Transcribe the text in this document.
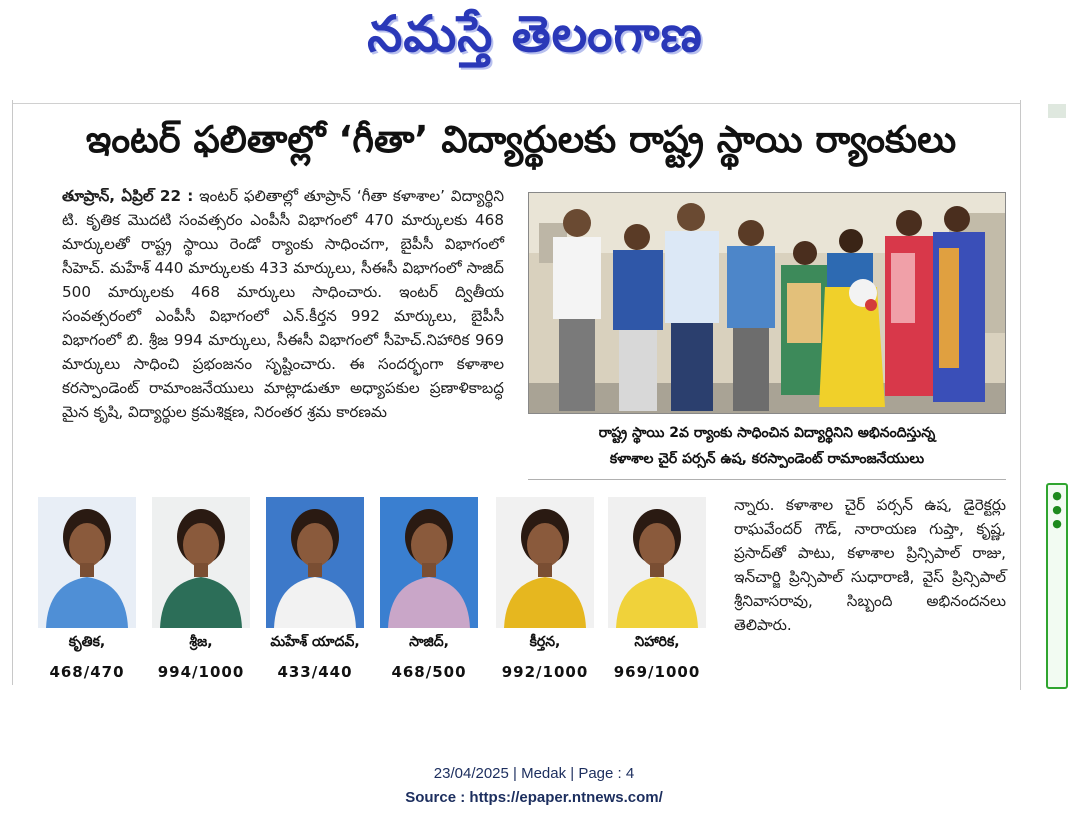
నమస్తే తెలంగాణ
●
●
●
ఇంటర్ ఫలితాల్లో ‘గీతా’ విద్యార్థులకు రాష్ట్ర స్థాయి ర్యాంకులు
తూప్రాన్, ఏప్రిల్ 22 : ఇంటర్ ఫలితాల్లో తూప్రాన్ ‘గీతా కళాశాల’ విద్యార్థిని టి. కృతిక మొదటి సంవత్సరం ఎంపీసీ విభాగంలో 470 మార్కులకు 468 మార్కులతో రాష్ట్ర స్థాయి రెండో ర్యాంకు సాధించగా, బైపీసీ విభాగంలో సీహెచ్. మహేశ్ 440 మార్కులకు 433 మార్కులు, సీఈసీ విభాగంలో సాజిద్ 500 మార్కులకు 468 మార్కులు సాధించారు. ఇంటర్ ద్వితీయ సంవత్సరంలో ఎంపీసీ విభాగంలో ఎన్.కీర్తన 992 మార్కులు, బైపీసీ విభాగంలో బి. శ్రీజ 994 మార్కులు, సీఈసీ విభాగంలో సీహెచ్.నిహారిక 969 మార్కులు సాధించి ప్రభంజనం సృష్టించారు. ఈ సందర్భంగా కళాశాల కరస్పాండెంట్ రామాంజనేయులు మాట్లాడుతూ అధ్యాపకుల ప్రణాళికాబద్ధ మైన కృషి, విద్యార్థుల క్రమశిక్షణ, నిరంతర శ్రమ కారణమ
రాష్ట్ర స్థాయి 2వ ర్యాంకు సాధించిన విద్యార్థినిని అభినందిస్తున్న
కళాశాల చైర్ పర్సన్ ఉష, కరస్పాండెంట్ రామాంజనేయులు
కృతిక,
468/470
శ్రీజ,
994/1000
మహేశ్ యాదవ్,
433/440
సాజిద్,
468/500
కీర్తన,
992/1000
నిహారిక,
969/1000
న్నారు. కళాశాల చైర్ పర్సన్ ఉష, డైరెక్టర్లు రాఘవేందర్ గౌడ్, నారాయణ గుప్తా, కృష్ణ, ప్రసాద్‌తో పాటు, కళాశాల ప్రిన్సిపాల్ రాజు, ఇన్‌చార్జి ప్రిన్సిపాల్ సుధారాణి, వైస్ ప్రిన్సిపాల్ శ్రీనివాసరావు, సిబ్బంది అభినందనలు తెలిపారు.
23/04/2025 | Medak | Page : 4
Source : https://epaper.ntnews.com/
